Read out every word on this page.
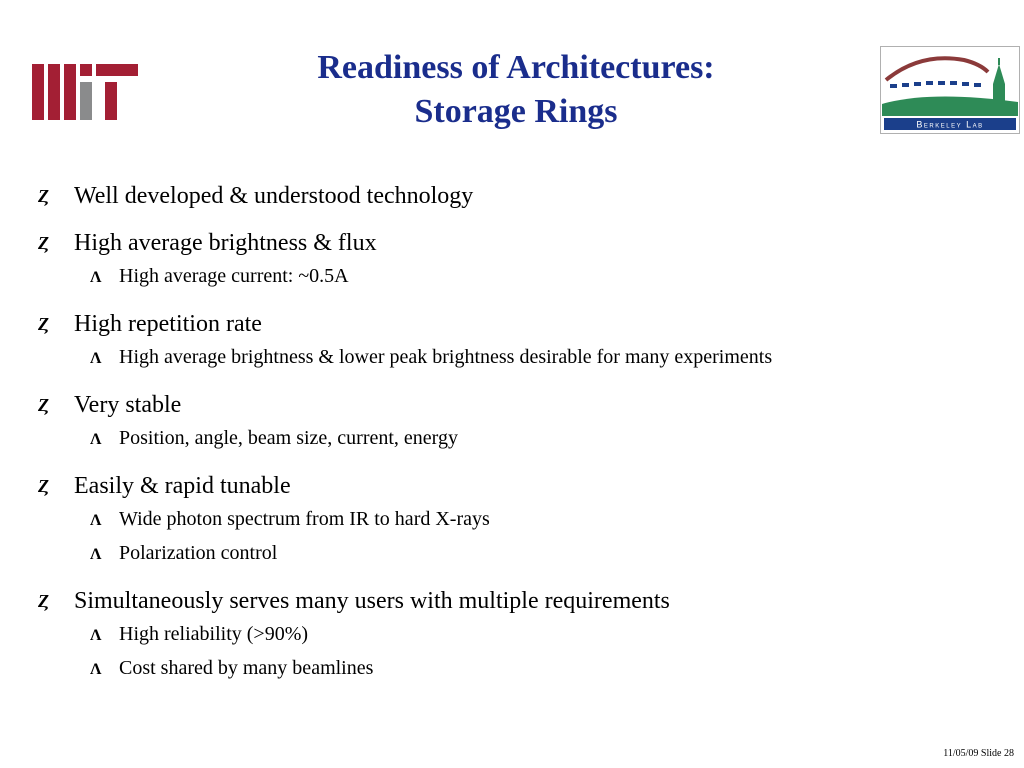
Readiness of Architectures:
Storage Rings	Berkeley Lab
Ȥ	Well developed & understood technology
Ȥ	High average brightness & flux
Ʌ High average current: ~0.5A
Ȥ	High repetition rate
Ʌ High average brightness & lower peak brightness desirable for many experiments
Ȥ	Very stable
Ʌ Position, angle, beam size, current, energy
Ȥ	Easily & rapid tunable
Ʌ Wide photon spectrum from IR to hard X-rays
Ʌ Polarization control
Ȥ	Simultaneously serves many users with multiple requirements
Ʌ High reliability (>90%)
Ʌ Cost shared by many beamlines
11/05/09 Slide 28
